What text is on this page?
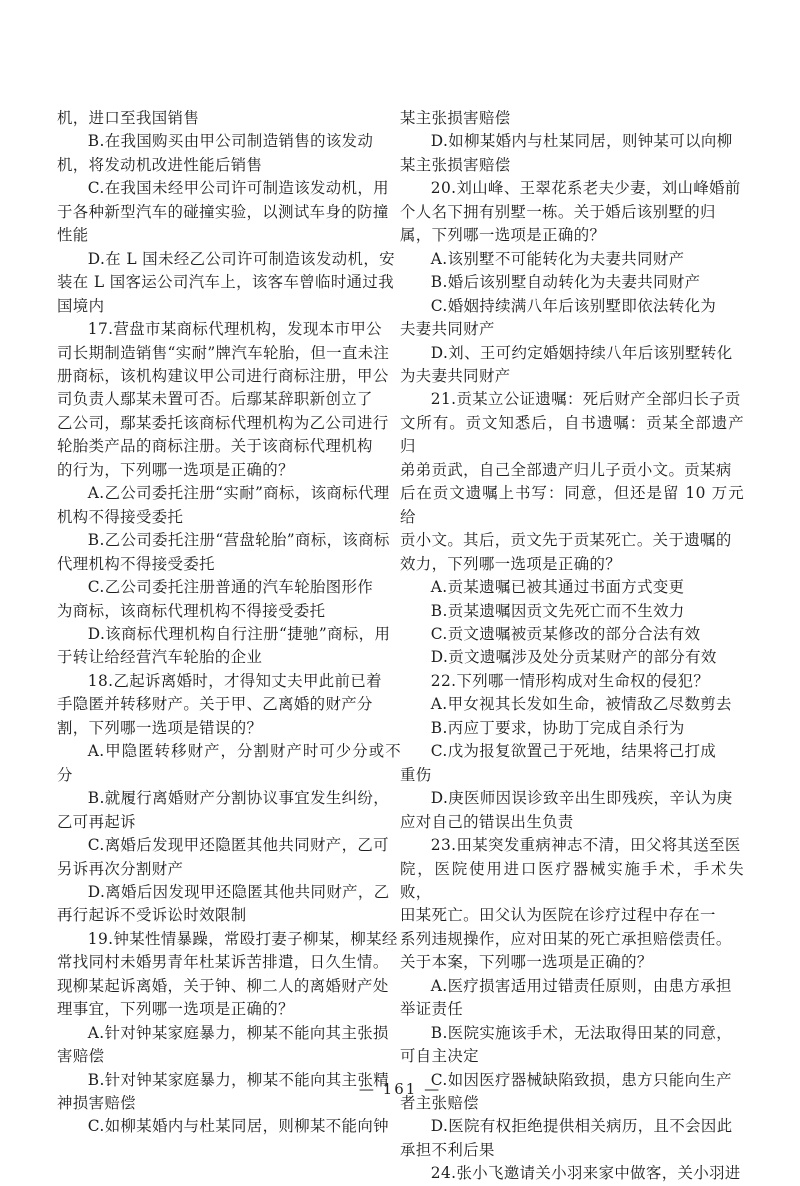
机，进口至我国销售

B.在我国购买由甲公司制造销售的该发动
机，将发动机改进性能后销售

C.在我国未经甲公司许可制造该发动机，用
于各种新型汽车的碰撞实验，以测试车身的防撞
性能

D.在 L 国未经乙公司许可制造该发动机，安
装在 L 国客运公司汽车上，该客车曾临时通过我
国境内

17.营盘市某商标代理机构，发现本市甲公
司长期制造销售“实耐”牌汽车轮胎，但一直未注
册商标，该机构建议甲公司进行商标注册，甲公
司负责人鄢某未置可否。后鄢某辞职新创立了
乙公司，鄢某委托该商标代理机构为乙公司进行
轮胎类产品的商标注册。关于该商标代理机构
的行为，下列哪一选项是正确的？

A.乙公司委托注册“实耐”商标，该商标代理
机构不得接受委托

B.乙公司委托注册“营盘轮胎”商标，该商标
代理机构不得接受委托

C.乙公司委托注册普通的汽车轮胎图形作
为商标，该商标代理机构不得接受委托

D.该商标代理机构自行注册“捷驰”商标，用
于转让给经营汽车轮胎的企业

18.乙起诉离婚时，才得知丈夫甲此前已着
手隐匿并转移财产。关于甲、乙离婚的财产分
割，下列哪一选项是错误的？

A.甲隐匿转移财产，分割财产时可少分或不分

B.就履行离婚财产分割协议事宜发生纠纷，
乙可再起诉

C.离婚后发现甲还隐匿其他共同财产，乙可
另诉再次分割财产

D.离婚后因发现甲还隐匿其他共同财产，乙
再行起诉不受诉讼时效限制

19.钟某性情暴躁，常殴打妻子柳某，柳某经
常找同村未婚男青年杜某诉苦排遣，日久生情。
现柳某起诉离婚，关于钟、柳二人的离婚财产处
理事宜，下列哪一选项是正确的？

A.针对钟某家庭暴力，柳某不能向其主张损
害赔偿

B.针对钟某家庭暴力，柳某不能向其主张精
神损害赔偿

C.如柳某婚内与杜某同居，则柳某不能向钟

某主张损害赔偿

D.如柳某婚内与杜某同居，则钟某可以向柳
某主张损害赔偿

20.刘山峰、王翠花系老夫少妻，刘山峰婚前
个人名下拥有别墅一栋。关于婚后该别墅的归
属，下列哪一选项是正确的？

A.该别墅不可能转化为夫妻共同财产

B.婚后该别墅自动转化为夫妻共同财产

C.婚姻持续满八年后该别墅即依法转化为
夫妻共同财产

D.刘、王可约定婚姻持续八年后该别墅转化
为夫妻共同财产

21.贡某立公证遗嘱：死后财产全部归长子贡
文所有。贡文知悉后，自书遗嘱：贡某全部遗产归
弟弟贡武，自己全部遗产归儿子贡小文。贡某病
后在贡文遗嘱上书写：同意，但还是留 10 万元给
贡小文。其后，贡文先于贡某死亡。关于遗嘱的
效力，下列哪一选项是正确的？

A.贡某遗嘱已被其通过书面方式变更

B.贡某遗嘱因贡文先死亡而不生效力

C.贡文遗嘱被贡某修改的部分合法有效

D.贡文遗嘱涉及处分贡某财产的部分有效

22.下列哪一情形构成对生命权的侵犯？

A.甲女视其长发如生命，被情敌乙尽数剪去

B.丙应丁要求，协助丁完成自杀行为

C.戊为报复欲置己于死地，结果将己打成
重伤

D.庚医师因误诊致辛出生即残疾，辛认为庚
应对自己的错误出生负责

23.田某突发重病神志不清，田父将其送至医
院，医院使用进口医疗器械实施手术，手术失败，
田某死亡。田父认为医院在诊疗过程中存在一
系列违规操作，应对田某的死亡承担赔偿责任。
关于本案，下列哪一选项是正确的？

A.医疗损害适用过错责任原则，由患方承担
举证责任

B.医院实施该手术，无法取得田某的同意，
可自主决定

C.如因医疗器械缺陷致损，患方只能向生产
者主张赔偿

D.医院有权拒绝提供相关病历，且不会因此
承担不利后果

24.张小飞邀请关小羽来家中做客，关小羽进

— 161 —
